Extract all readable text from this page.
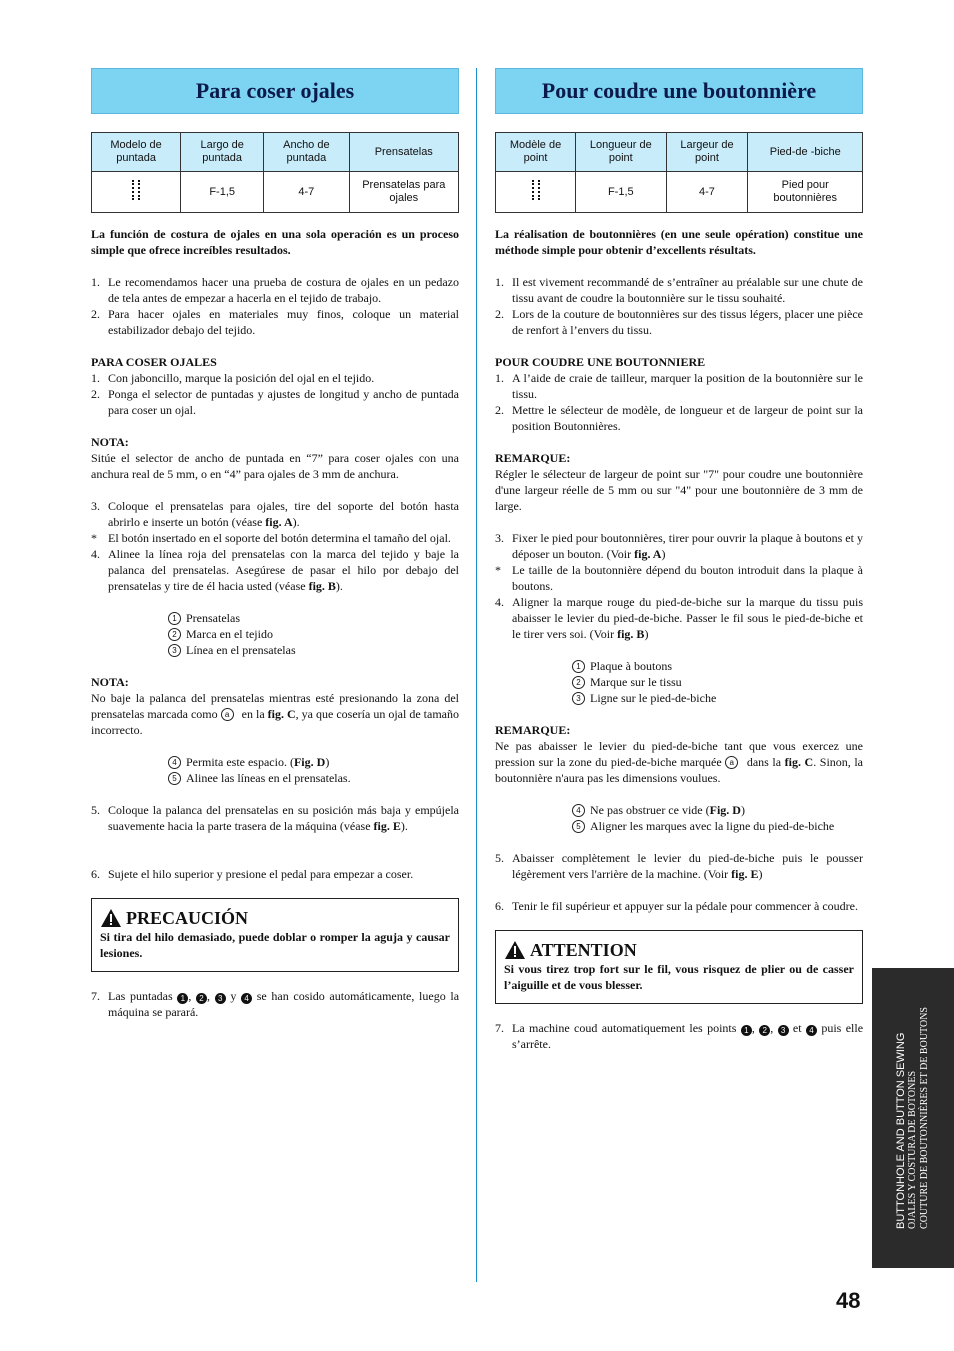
Para coser ojales
Modelo de puntada	Largo de puntada	Ancho de puntada	Prensatelas
	F-1,5	4-7	Prensatelas para ojales

La función de costura de ojales en una sola operación es un proceso simple que ofrece increíbles resultados.

1. Le recomendamos hacer una prueba de costura de ojales en un pedazo de tela antes de empezar a hacerla en el tejido de trabajo.
2. Para hacer ojales en materiales muy finos, coloque un material estabilizador debajo del tejido.
PARA COSER OJALES
1. Con jaboncillo, marque la posición del ojal en el tejido.
2. Ponga el selector de puntadas y ajustes de longitud y ancho de puntada para coser un ojal.
NOTA:

Sitúe el selector de ancho de puntada en “7” para coser ojales con una anchura real de 5 mm, o en “4” para ojales de 3 mm de anchura.

3. Coloque el prensatelas para ojales, tire del soporte del botón hasta abrirlo e inserte un botón (véase fig. A).
* El botón insertado en el soporte del botón determina el tamaño del ojal.
4. Alinee la línea roja del prensatelas con la marca del tejido y baje la palanca del prensatelas. Asegúrese de pasar el hilo por debajo del prensatelas y tire de él hacia usted (véase fig. B).
1 Prensatelas
2 Marca en el tejido
3 Línea en el prensatelas
NOTA:

No baje la palanca del prensatelas mientras esté presionando la zona del prensatelas marcada como a en la fig. C, ya que cosería un ojal de tamaño incorrecto.

4 Permita este espacio. (Fig. D)
5 Alinee las líneas en el prensatelas.
5. Coloque la palanca del prensatelas en su posición más baja y empújela suavemente hacia la parte trasera de la máquina (véase fig. E).
6. Sujete el hilo superior y presione el pedal para empezar a coser.
PRECAUCIÓN

Si tira del hilo demasiado, puede doblar o romper la aguja y causar lesiones.

7. Las puntadas 1 , 2 , 3 y 4 se han cosido automáticamente, luego la máquina se parará.
Pour coudre une boutonnière
Modèle de point	Longueur de point	Largeur de point	Pied-de -biche
	F-1,5	4-7	Pied pour boutonnières

La réalisation de boutonnières (en une seule opération) constitue une méthode simple pour obtenir d’excellents résultats.

1. Il est vivement recommandé de s’entraîner au préalable sur une chute de tissu avant de coudre la boutonnière sur le tissu souhaité.
2. Lors de la couture de boutonnières sur des tissus légers, placer une pièce de renfort à l’envers du tissu.
POUR COUDRE UNE BOUTONNIERE
1. A l’aide de craie de tailleur, marquer la position de la boutonnière sur le tissu.
2. Mettre le sélecteur de modèle, de longueur et de largeur de point sur la position Boutonnières.
REMARQUE:

Régler le sélecteur de largeur de point sur "7" pour coudre une boutonnière d'une largeur réelle de 5 mm ou sur "4" pour une boutonnière de 3 mm de large.

3. Fixer le pied pour boutonnières, tirer pour ouvrir la plaque à boutons et y déposer un bouton. (Voir fig. A)
* Le taille de la boutonnière dépend du bouton introduit dans la plaque à boutons.
4. Aligner la marque rouge du pied-de-biche sur la marque du tissu puis abaisser le levier du pied-de-biche. Passer le fil sous le pied-de-biche et le tirer vers soi. (Voir fig. B)
1 Plaque à boutons
2 Marque sur le tissu
3 Ligne sur le pied-de-biche
REMARQUE:

Ne pas abaisser le levier du pied-de-biche tant que vous exercez une pression sur la zone du pied-de-biche marquée a dans la fig. C. Sinon, la boutonnière n'aura pas les dimensions voulues.

4 Ne pas obstruer ce vide (Fig. D)
5 Aligner les marques avec la ligne du pied-de-biche
5. Abaisser complètement le levier du pied-de-biche puis le pousser légèrement vers l'arrière de la machine. (Voir fig. E)
6. Tenir le fil supérieur et appuyer sur la pédale pour commencer à coudre.
ATTENTION

Si vous tirez trop fort sur le fil, vous risquez de plier ou de casser l’aiguille et de vous blesser.

7. La machine coud automatiquement les points 1 , 2 , 3 et 4 puis elle s’arrête.	BUTTONHOLE AND BUTTON SEWING OJALES Y COSTURA DE BOTONES COUTURE DE BOUTONNIÈRES ET DE BOUTONS
48
